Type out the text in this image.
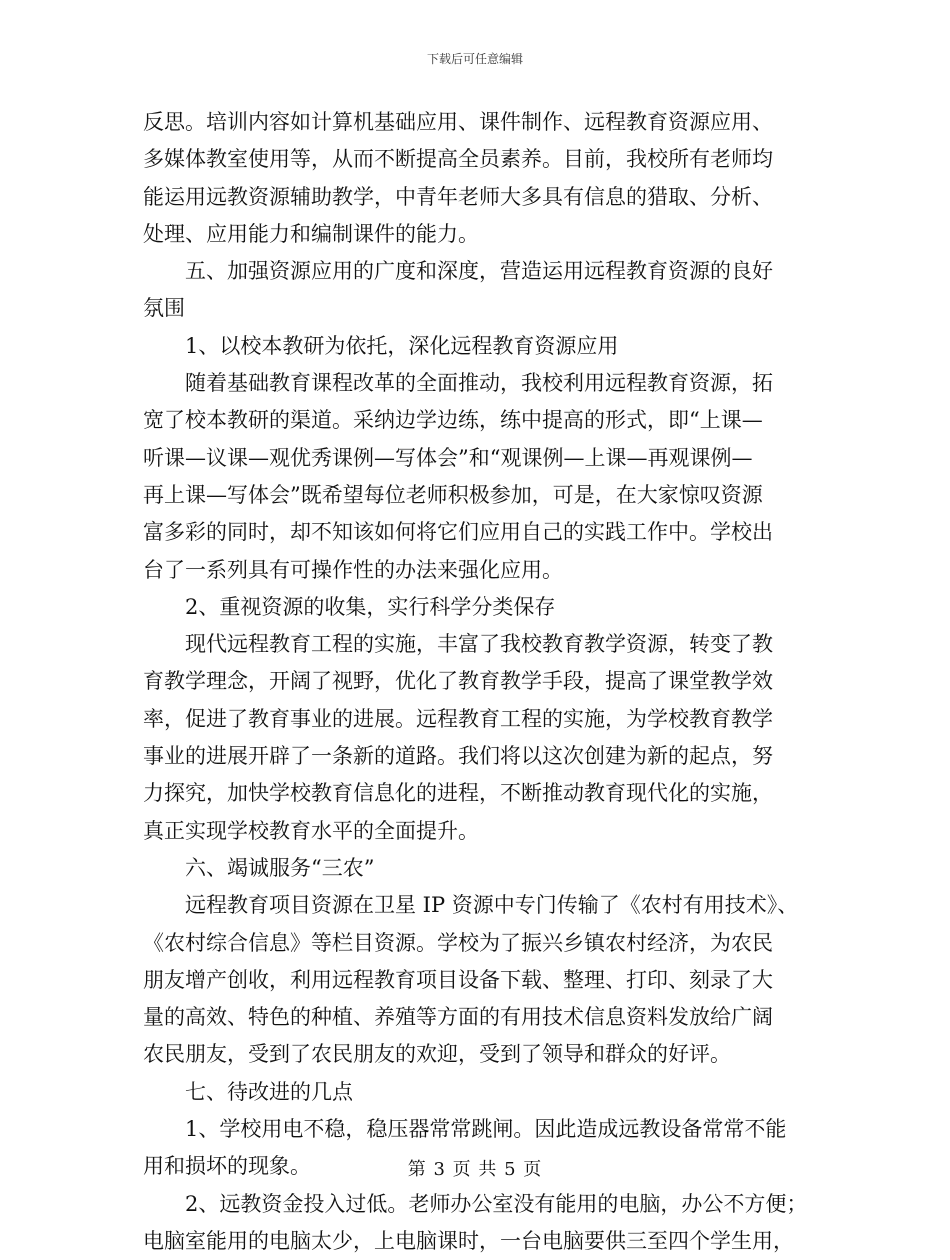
下载后可任意编辑
反思。培训内容如计算机基础应用、课件制作、远程教育资源应用、
多媒体教室使用等，从而不断提高全员素养。目前，我校所有老师均
能运用远教资源辅助教学，中青年老师大多具有信息的猎取、分析、
处理、应用能力和编制课件的能力。
五、加强资源应用的广度和深度，营造运用远程教育资源的良好
氛围
1、以校本教研为依托，深化远程教育资源应用
随着基础教育课程改革的全面推动，我校利用远程教育资源，拓
宽了校本教研的渠道。采纳边学边练，练中提高的形式，即“上课—
听课—议课—观优秀课例—写体会”和“观课例—上课—再观课例—
再上课—写体会”既希望每位老师积极参加，可是，在大家惊叹资源
富多彩的同时，却不知该如何将它们应用自己的实践工作中。学校出
台了一系列具有可操作性的办法来强化应用。
2、重视资源的收集，实行科学分类保存
现代远程教育工程的实施，丰富了我校教育教学资源，转变了教
育教学理念，开阔了视野，优化了教育教学手段，提高了课堂教学效
率，促进了教育事业的进展。远程教育工程的实施，为学校教育教学
事业的进展开辟了一条新的道路。我们将以这次创建为新的起点，努
力探究，加快学校教育信息化的进程，不断推动教育现代化的实施，
真正实现学校教育水平的全面提升。
六、竭诚服务“三农”
远程教育项目资源在卫星 IP 资源中专门传输了《农村有用技术》、
《农村综合信息》等栏目资源。学校为了振兴乡镇农村经济，为农民
朋友增产创收，利用远程教育项目设备下载、整理、打印、刻录了大
量的高效、特色的种植、养殖等方面的有用技术信息资料发放给广阔
农民朋友，受到了农民朋友的欢迎，受到了领导和群众的好评。
七、待改进的几点
1、学校用电不稳，稳压器常常跳闸。因此造成远教设备常常不能
用和损坏的现象。
2、远教资金投入过低。老师办公室没有能用的电脑，办公不方便；
电脑室能用的电脑太少，上电脑课时，一台电脑要供三至四个学生用，
第 3 页 共 5 页
